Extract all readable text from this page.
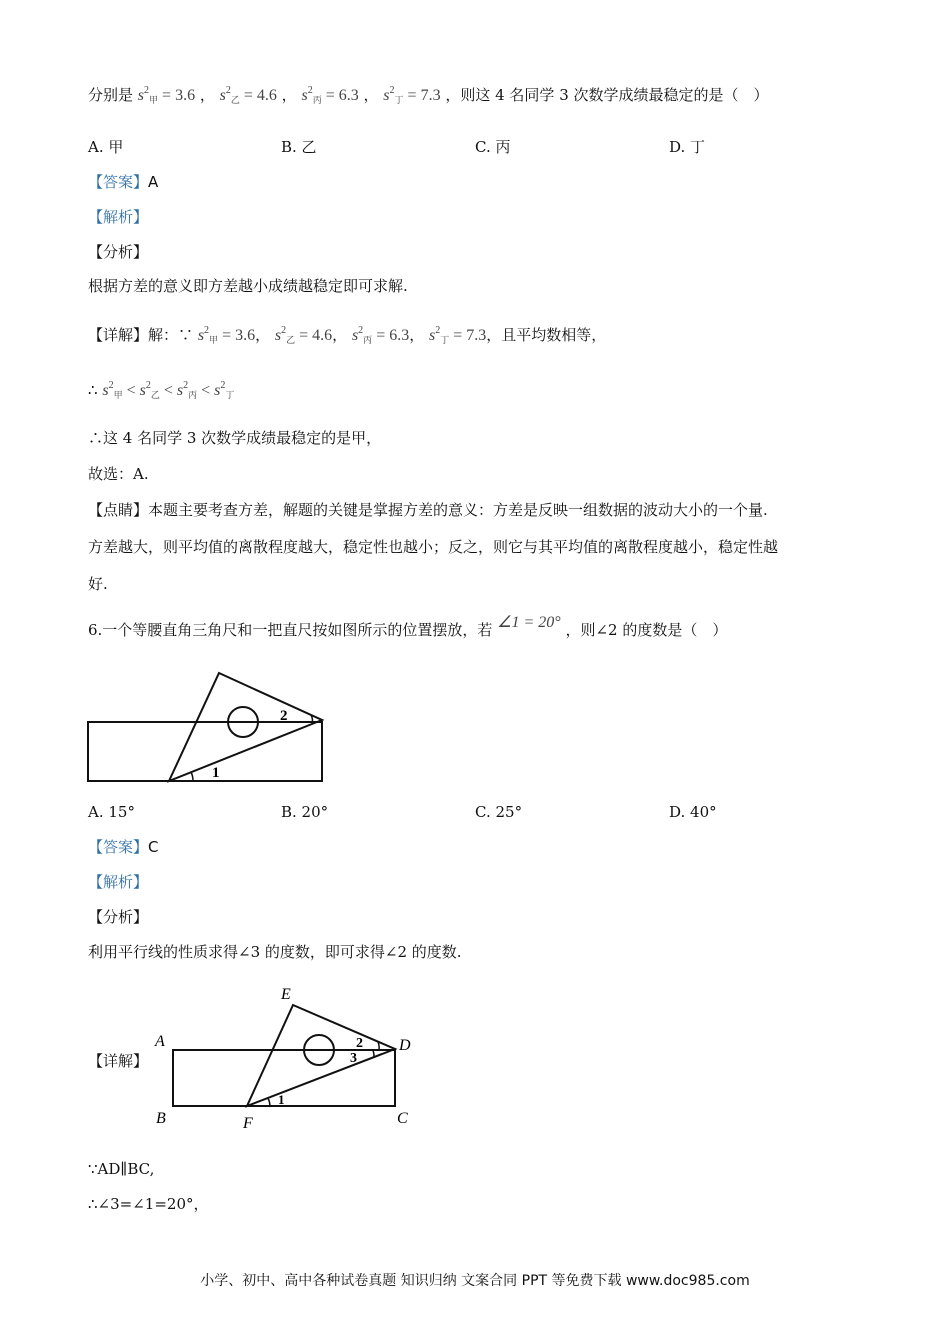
分别是 $s^2_甲 = 3.6$ ， $s^2_乙 = 4.6$ ， $s^2_丙 = 6.3$ ， $s^2_丁 = 7.3$ ，则这 4 名同学 3 次数学成绩最稳定的是（　）
A. 甲	B. 乙	C. 丙	D. 丁
【答案】A
【解析】
【分析】
根据方差的意义即方差越小成绩越稳定即可求解.
【详解】解：∵ $s^2_甲 = 3.6$， $s^2_乙 = 4.6$， $s^2_丙 = 6.3$， $s^2_丁 = 7.3$，且平均数相等，
∴ $s^2_甲 < s^2_乙 < s^2_丙 < s^2_丁$
∴这 4 名同学 3 次数学成绩最稳定的是甲，
故选：A.
【点睛】本题主要考查方差，解题的关键是掌握方差的意义：方差是反映一组数据的波动大小的一个量.
方差越大，则平均值的离散程度越大，稳定性也越小；反之，则它与其平均值的离散程度越小，稳定性越
好.
6.一个等腰直角三角尺和一把直尺按如图所示的位置摆放，若 ∠1 = 20° ，则∠2 的度数是（　）
2
1
A. 15°	B. 20°	C. 25°	D. 40°
【答案】C
【解析】
【分析】
利用平行线的性质求得∠3 的度数，即可求得∠2 的度数.
【详解】
E
A	D
B	F	C
2
3
1
∵AD∥BC,
∴∠3=∠1=20°，
小学、初中、高中各种试卷真题 知识归纳 文案合同 PPT 等免费下载 www.doc985.com
